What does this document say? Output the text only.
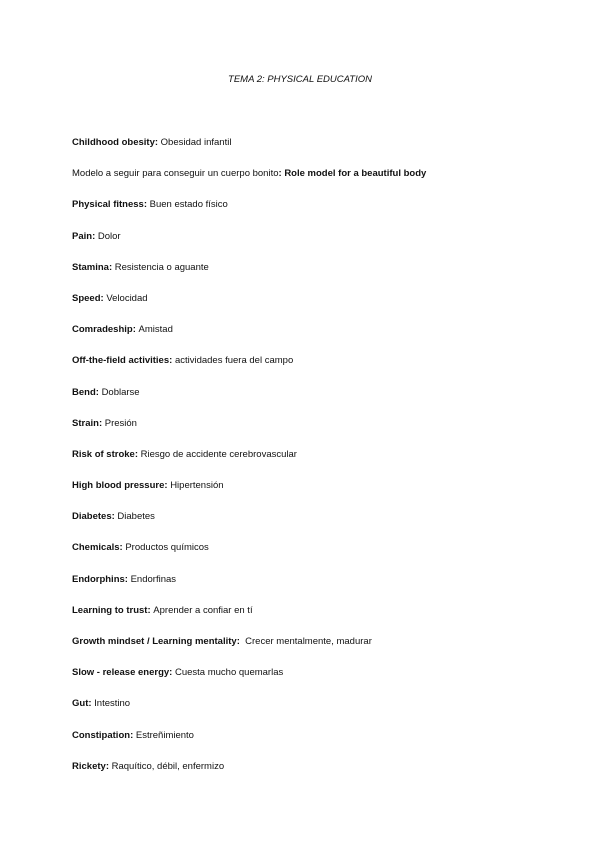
TEMA 2: PHYSICAL EDUCATION
Childhood obesity: Obesidad infantil
Modelo a seguir para conseguir un cuerpo bonito: Role model for a beautiful body
Physical fitness: Buen estado físico
Pain: Dolor
Stamina: Resistencia o aguante
Speed: Velocidad
Comradeship: Amistad
Off-the-field activities: actividades fuera del campo
Bend: Doblarse
Strain: Presión
Risk of stroke: Riesgo de accidente cerebrovascular
High blood pressure: Hipertensión
Diabetes: Diabetes
Chemicals: Productos químicos
Endorphins: Endorfinas
Learning to trust: Aprender a confiar en tí
Growth mindset / Learning mentality:  Crecer mentalmente, madurar
Slow - release energy: Cuesta mucho quemarlas
Gut: Intestino
Constipation: Estreñimiento
Rickety: Raquítico, débil, enfermizo
